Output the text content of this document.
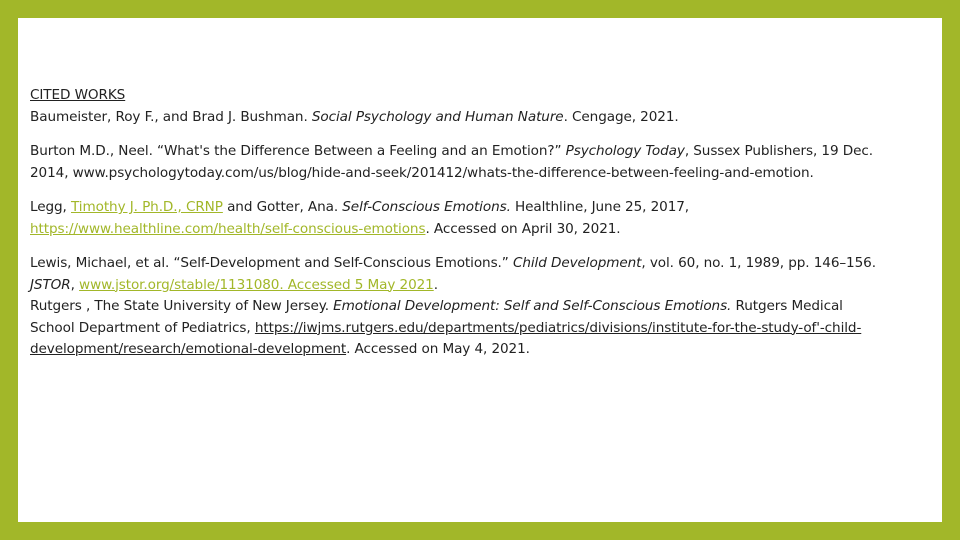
CITED WORKS
Baumeister, Roy F., and Brad J. Bushman. Social Psychology and Human Nature. Cengage, 2021.

Burton M.D., Neel. “What's the Difference Between a Feeling and an Emotion?” Psychology Today, Sussex Publishers, 19 Dec. 2014, www.psychologytoday.com/us/blog/hide-and-seek/201412/whats-the-difference-between-feeling-and-emotion.

Legg, Timothy J. Ph.D., CRNP and Gotter, Ana. Self-Conscious Emotions. Healthline, June 25, 2017, https://www.healthline.com/health/self-conscious-emotions. Accessed on April 30, 2021.

Lewis, Michael, et al. “Self-Development and Self-Conscious Emotions.” Child Development, vol. 60, no. 1, 1989, pp. 146–156. JSTOR, www.jstor.org/stable/1131080. Accessed 5 May 2021.

Rutgers , The State University of New Jersey. Emotional Development: Self and Self-Conscious Emotions. Rutgers Medical School Department of Pediatrics, https://iwjms.rutgers.edu/departments/pediatrics/divisions/institute-for-the-study-of'-child-development/research/emotional-development. Accessed on May 4, 2021.
